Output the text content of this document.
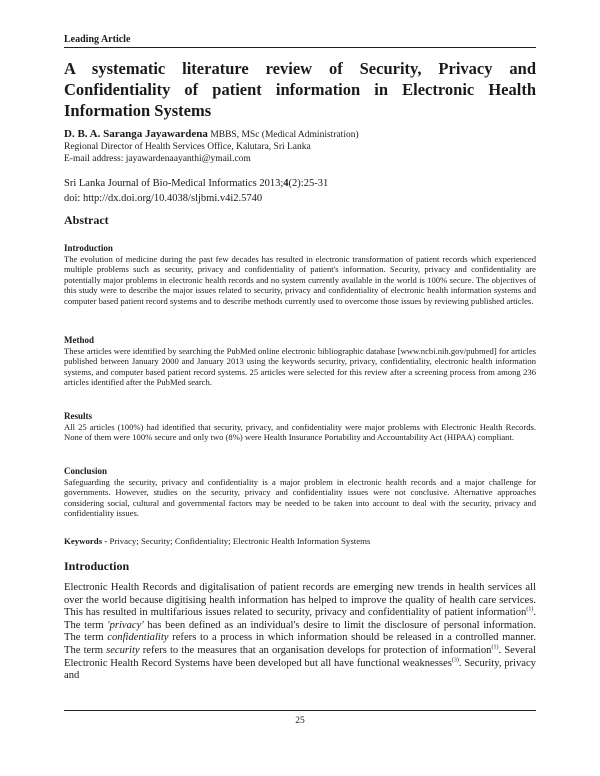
Leading Article
A systematic literature review of Security, Privacy and Confidentiality of patient information in Electronic Health Information Systems
D. B. A. Saranga Jayawardena MBBS, MSc (Medical Administration)
Regional Director of Health Services Office, Kalutara, Sri Lanka
E-mail address: jayawardenaayanthi@ymail.com
Sri Lanka Journal of Bio-Medical Informatics 2013;4(2):25-31
doi: http://dx.doi.org/10.4038/sljbmi.v4i2.5740
Abstract

Introduction

The evolution of medicine during the past few decades has resulted in electronic transformation of patient records which experienced multiple problems such as security, privacy and confidentiality of patient's information. Security, privacy and confidentiality are potentially major problems in electronic health records and no system currently available in the world is 100% secure. The objectives of this study were to describe the major issues related to security, privacy and confidentiality of electronic health information systems and computer based patient record systems and to describe methods currently used to overcome those issues by reviewing published articles.

Method

These articles were identified by searching the PubMed online electronic bibliographic database [www.ncbi.nih.gov/pubmed] for articles published between January 2000 and January 2013 using the keywords security, privacy, confidentiality, electronic health information systems, and computer based patient record systems. 25 articles were selected for this review after a screening process from among 236 articles identified after the PubMed search.

Results

All 25 articles (100%) had identified that security, privacy, and confidentiality were major problems with Electronic Health Records. None of them were 100% secure and only two (8%) were Health Insurance Portability and Accountability Act (HIPAA) compliant.

Conclusion

Safeguarding the security, privacy and confidentiality is a major problem in electronic health records and a major challenge for governments. However, studies on the security, privacy and confidentiality issues were not conclusive. Alternative approaches considering social, cultural and governmental factors may be needed to be taken into account to deal with the security, privacy and confidentiality issues.

Keywords - Privacy; Security; Confidentiality; Electronic Health Information Systems
Introduction

Electronic Health Records and digitalisation of patient records are emerging new trends in health services all over the world because digitising health information has helped to improve the quality of health care services. This has resulted in multifarious issues related to security, privacy and confidentiality of patient information$^{(1)}$. The term 'privacy' has been defined as an individual's desire to limit the disclosure of personal information. The term confidentiality refers to a process in which information should be released in a controlled manner. The term security refers to the measures that an organisation develops for protection of information$^{(1)}$. Several Electronic Health Record Systems have been developed but all have functional weaknesses$^{(3)}$. Security, privacy and

25
